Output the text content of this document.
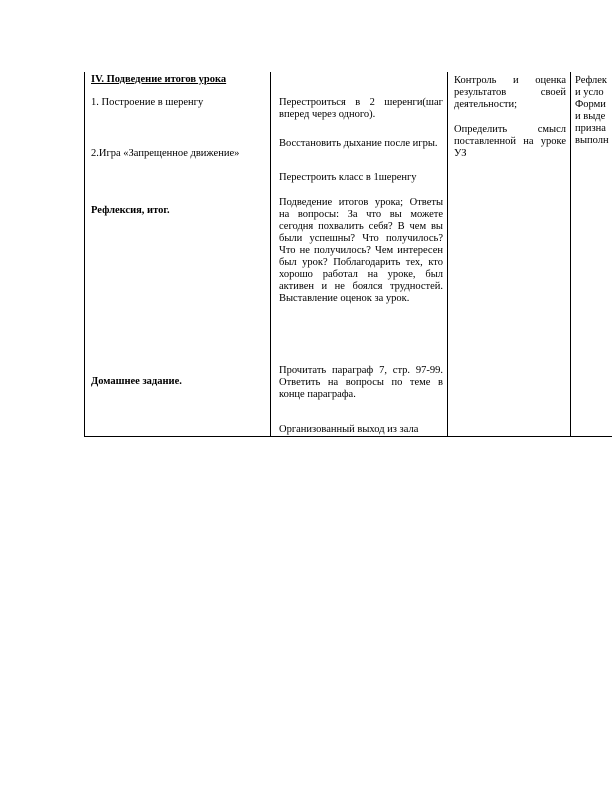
IV. Подведение итогов урока

1. Построение в шеренгу

2.Игра «Запрещенное движение»

Рефлексия, итог.

Домашнее задание.

Перестроиться в 2 шеренги(шаг вперед через одного).

Восстановить дыхание после игры.

Перестроить класс в 1шеренгу

Подведение итогов урока; Ответы на вопросы: За что вы можете сегодня похвалить себя? В чем вы были успешны? Что получилось? Что не получилось? Чем интересен был урок? Поблагодарить тех, кто хорошо работал на уроке, был активен и не боялся трудностей. Выставление оценок за урок.

Прочитать параграф 7, стр. 97-99. Ответить на вопросы по теме в конце параграфа.

Организованный выход из зала

Контроль и оценка результатов своей деятельности;

Определить смысл поставленной на уроке УЗ

Рефлек

и усло

Форми

и выде

призна

выполн
